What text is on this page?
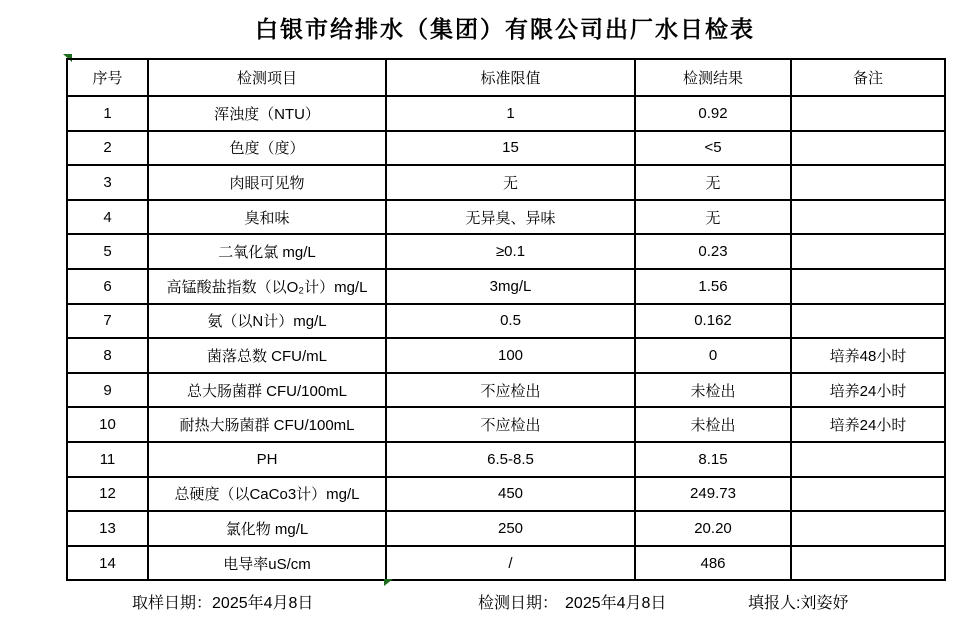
白银市给排水（集团）有限公司出厂水日检表
序号	检测项目	标准限值	检测结果	备注
1	浑浊度（NTU）	1	0.92	
2	色度（度）	15	<5	
3	肉眼可见物	无	无	
4	臭和味	无异臭、异味	无	
5	二氧化氯 mg/L	≥0.1	0.23	
6	高锰酸盐指数（以O₂计）mg/L	3mg/L	1.56	
7	氨（以N计）mg/L	0.5	0.162	
8	菌落总数 CFU/mL	100	0	培养48小时
9	总大肠菌群 CFU/100mL	不应检出	未检出	培养24小时
10	耐热大肠菌群 CFU/100mL	不应检出	未检出	培养24小时
11	PH	6.5-8.5	8.15	
12	总硬度（以CaCo3计）mg/L	450	249.73	
13	氯化物 mg/L	250	20.20	
14	电导率uS/cm	/	486	
取样日期：2025年4月8日	检测日期： 2025年4月8日	填报人:刘姿妤
